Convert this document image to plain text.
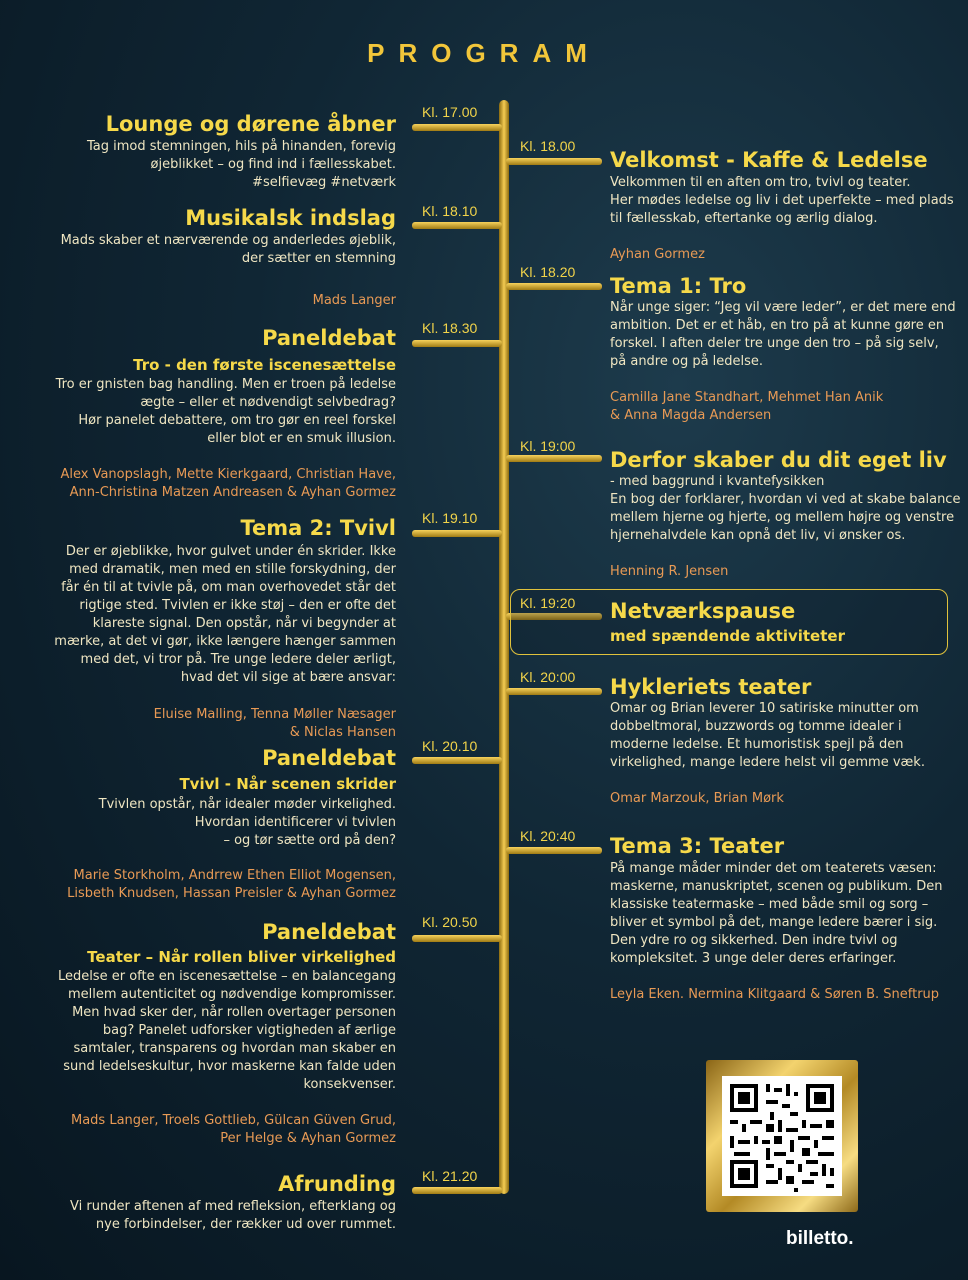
PROGRAM
Kl. 17.00
Lounge og dørene åbner
Tag imod stemningen, hils på hinanden, forevig
øjeblikket – og find ind i fællesskabet.
#selfievæg #netværk
Kl. 18.10
Musikalsk indslag
Mads skaber et nærværende og anderledes øjeblik,
der sætter en stemning
Mads Langer
Kl. 18.30
Paneldebat
Tro - den første iscenesættelse
Tro er gnisten bag handling. Men er troen på ledelse
ægte – eller et nødvendigt selvbedrag?
Hør panelet debattere, om tro gør en reel forskel
eller blot er en smuk illusion.
Alex Vanopslagh, Mette Kierkgaard, Christian Have,
Ann-Christina Matzen Andreasen & Ayhan Gormez
Kl. 19.10
Tema 2: Tvivl
Der er øjeblikke, hvor gulvet under én skrider. Ikke
med dramatik, men med en stille forskydning, der
får én til at tvivle på, om man overhovedet står det
rigtige sted. Tvivlen er ikke støj – den er ofte det
klareste signal. Den opstår, når vi begynder at
mærke, at det vi gør, ikke længere hænger sammen
med det, vi tror på. Tre unge ledere deler ærligt,
hvad det vil sige at bære ansvar:
Eluise Malling, Tenna Møller Næsager
& Niclas Hansen
Kl. 20.10
Paneldebat
Tvivl - Når scenen skrider
Tvivlen opstår, når idealer møder virkelighed.
Hvordan identificerer vi tvivlen
– og tør sætte ord på den?
Marie Storkholm, Andrrew Ethen Elliot Mogensen,
Lisbeth Knudsen, Hassan Preisler & Ayhan Gormez
Kl. 20.50
Paneldebat
Teater – Når rollen bliver virkelighed
Ledelse er ofte en iscenesættelse – en balancegang
mellem autenticitet og nødvendige kompromisser.
Men hvad sker der, når rollen overtager personen
bag? Panelet udforsker vigtigheden af ærlige
samtaler, transparens og hvordan man skaber en
sund ledelseskultur, hvor maskerne kan falde uden
konsekvenser.
Mads Langer, Troels Gottlieb, Gülcan Güven Grud,
Per Helge & Ayhan Gormez
Kl. 21.20
Afrunding
Vi runder aftenen af med refleksion, efterklang og
nye forbindelser, der rækker ud over rummet.
Kl. 18.00
Velkomst - Kaffe & Ledelse
Velkommen til en aften om tro, tvivl og teater.
Her mødes ledelse og liv i det uperfekte – med plads
til fællesskab, eftertanke og ærlig dialog.
Ayhan Gormez
Kl. 18.20
Tema 1: Tro
Når unge siger: “Jeg vil være leder”, er det mere end
ambition. Det er et håb, en tro på at kunne gøre en
forskel. I aften deler tre unge den tro – på sig selv,
på andre og på ledelse.
Camilla Jane Standhart, Mehmet Han Anik
& Anna Magda Andersen
Kl. 19:00
Derfor skaber du dit eget liv
- med baggrund i kvantefysikken
En bog der forklarer, hvordan vi ved at skabe balance
mellem hjerne og hjerte, og mellem højre og venstre
hjernehalvdele kan opnå det liv, vi ønsker os.
Henning R. Jensen
Kl. 19:20 Netværkspause
med spændende aktiviteter
Kl. 20:00 Hykleriets teater
Omar og Brian leverer 10 satiriske minutter om
dobbeltmoral, buzzwords og tomme idealer i
moderne ledelse. Et humoristisk spejl på den
virkelighed, mange ledere helst vil gemme væk.
Omar Marzouk, Brian Mørk
Kl. 20:40 Tema 3: Teater
På mange måder minder det om teaterets væsen:
maskerne, manuskriptet, scenen og publikum. Den
klassiske teatermaske – med både smil og sorg –
bliver et symbol på det, mange ledere bærer i sig.
Den ydre ro og sikkerhed. Den indre tvivl og
kompleksitet. 3 unge deler deres erfaringer.
Leyla Eken. Nermina Klitgaard & Søren B. Sneftrup
billetto.
